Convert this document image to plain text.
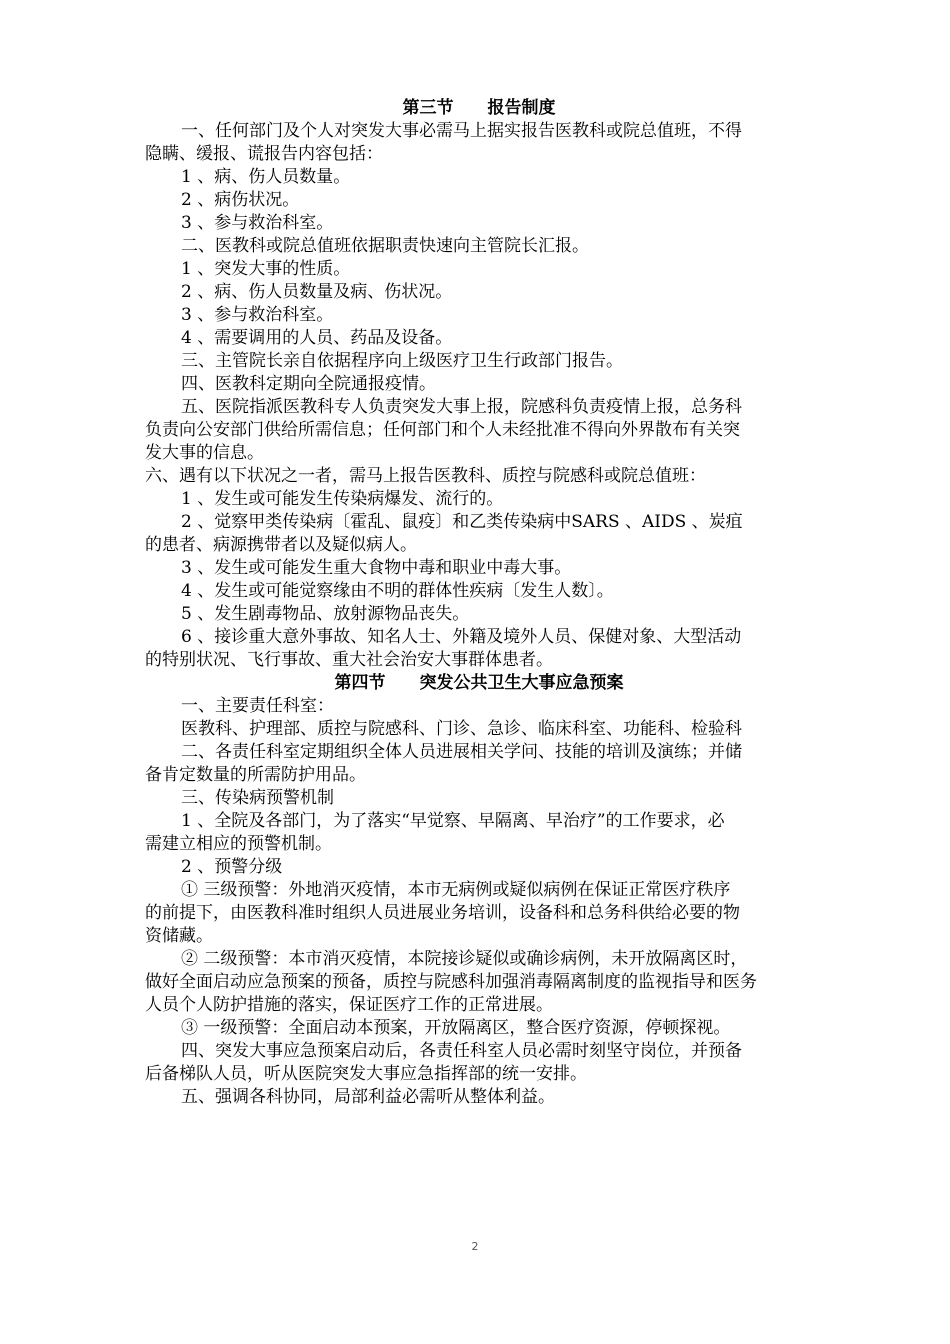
第三节　　报告制度
一、任何部门及个人对突发大事必需马上据实报告医教科或院总值班，不得
隐瞒、缓报、谎报告内容包括：
1 、病、伤人员数量。
2 、病伤状况。
3 、参与救治科室。
二、医教科或院总值班依据职责快速向主管院长汇报。
1 、突发大事的性质。
2 、病、伤人员数量及病、伤状况。
3 、参与救治科室。
4 、需要调用的人员、药品及设备。
三、主管院长亲自依据程序向上级医疗卫生行政部门报告。
四、医教科定期向全院通报疫情。
五、医院指派医教科专人负责突发大事上报，院感科负责疫情上报，总务科
负责向公安部门供给所需信息；任何部门和个人未经批准不得向外界散布有关突
发大事的信息。
六、遇有以下状况之一者，需马上报告医教科、质控与院感科或院总值班：
1 、发生或可能发生传染病爆发、流行的。
2 、觉察甲类传染病〔霍乱、鼠疫〕和乙类传染病中SARS 、AIDS 、炭疽
的患者、病源携带者以及疑似病人。
3 、发生或可能发生重大食物中毒和职业中毒大事。
4 、发生或可能觉察缘由不明的群体性疾病〔发生人数〕。
5 、发生剧毒物品、放射源物品丧失。
6 、接诊重大意外事故、知名人士、外籍及境外人员、保健对象、大型活动
的特别状况、飞行事故、重大社会治安大事群体患者。
第四节　　突发公共卫生大事应急预案
一、主要责任科室：
医教科、护理部、质控与院感科、门诊、急诊、临床科室、功能科、检验科
二、各责任科室定期组织全体人员进展相关学问、技能的培训及演练；并储
备肯定数量的所需防护用品。
三、传染病预警机制
1 、全院及各部门，为了落实“早觉察、早隔离、早治疗”的工作要求，必
需建立相应的预警机制。
2 、预警分级
① 三级预警：外地消灭疫情，本市无病例或疑似病例在保证正常医疗秩序
的前提下，由医教科准时组织人员进展业务培训，设备科和总务科供给必要的物
资储藏。
② 二级预警：本市消灭疫情，本院接诊疑似或确诊病例，未开放隔离区时，
做好全面启动应急预案的预备，质控与院感科加强消毒隔离制度的监视指导和医务
人员个人防护措施的落实，保证医疗工作的正常进展。
③ 一级预警：全面启动本预案，开放隔离区，整合医疗资源，停顿探视。
四、突发大事应急预案启动后，各责任科室人员必需时刻坚守岗位，并预备
后备梯队人员，听从医院突发大事应急指挥部的统一安排。
五、强调各科协同，局部利益必需听从整体利益。
2
